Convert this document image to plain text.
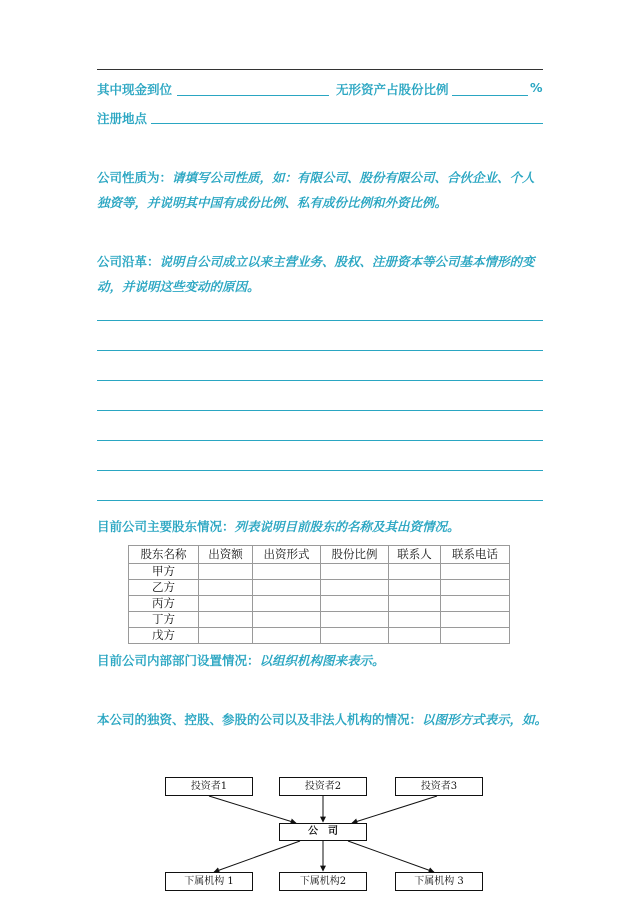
其中现金到位	无形资产占股份比例	%
注册地点
公司性质为：请填写公司性质，如：有限公司、股份有限公司、合伙企业、个人独资等，并说明其中国有成份比例、私有成份比例和外资比例。
公司沿革：说明自公司成立以来主营业务、股权、注册资本等公司基本情形的变动，并说明这些变动的原因。
目前公司主要股东情况：列表说明目前股东的名称及其出资情况。
股东名称	出资额	出资形式	股份比例	联系人	联系电话
甲方					
乙方					
丙方					
丁方					
戊方					
目前公司内部部门设置情况：以组织机构图来表示。
本公司的独资、控股、参股的公司以及非法人机构的情况：以图形方式表示，如。
投资者1	投资者2	投资者3
公　司
下属机构 1	下属机构2	下属机构 3
